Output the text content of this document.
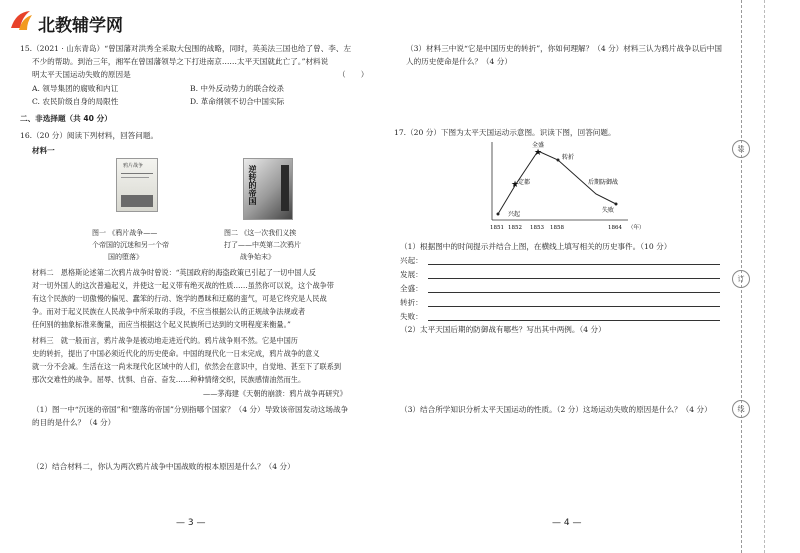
北教辅学网
15.（2021 · 山东青岛）“曾国藩对洪秀全采取大包围的战略，同时，英美法三国也给了曾、李、左
不少的帮助。到治三年，湘军在曾国藩领导之下打进南京……太平天国就此亡了。”材料说
明太平天国运动失败的原因是	（　　）
A. 领导集团的腐败和内讧	B. 中外反动势力的联合绞杀
C. 农民阶级自身的局限性	D. 革命纲领不切合中国实际
二、非选择题（共 40 分）
16.（20 分）阅读下列材料，回答问题。
材料一
鸦片战争	逆转的帝国
图一 《鸦片战争——
个帝国的沉迷和另一个帝
国的堕落》
图二 《这一次我们义挨
打了——中英第二次鸦片
战争始末》
材料二　恩格斯论述第二次鸦片战争时曾说：“英国政府的海盗政策已引起了一切中国人反
对一切外国人的这次普遍起义，并使这一起义带有绝灭战的性质……虽然你可以说，这个战争带
有这个民族的一切傲慢的偏见、蠢笨的行动、饱学的愚昧和迂腐的蛮气，可是它终究是人民战
争。而对于起义民族在人民战争中所采取的手段，不应当根据公认的正规战争法规或者
任何别的抽象标准来衡量，而应当根据这个起义民族所已达到的文明程度来衡量。”
材料三　就一般而言，鸦片战争是被动地走进近代的。鸦片战争则不然。它是中国历
史的转折，提出了中国必须近代化的历史使命。中国的现代化一日未完成，鸦片战争的意义
就一分不会减。生活在这一尚未现代化区域中的人们，依然会在意识中，自觉地、甚至下了联系到
那次交难性的战争。屈辱、忧惧、自奋、奋发……种种情绪交织，民族感情油然而生。
——茅海建《天朝的崩溃：鸦片战争再研究》
（1）图一中“沉迷的帝国”和“堕落的帝国”分别指哪个国家？（4 分）导致该帝国发动这场战争
的目的是什么？（4 分）
（2）结合材料二，你认为两次鸦片战争中国战败的根本原因是什么？（4 分）
— 3 —
（3）材料三中说“它是中国历史的转折”，你如何理解？（4 分）材料三认为鸦片战争以后中国
人的历史使命是什么？（4 分）
17.（20 分）下图为太平天国运动示意图。识读下图，回答问题。
★
★
兴起
定都
全盛
转折
后期防御战
失败
1851 1852 1853 1858	1864 （年）
（1）根据图中的时间提示并结合上图，在横线上填写相关的历史事件。（10 分）
兴起：
发展：
全盛：
转折：
失败：
（2）太平天国后期的防御战有哪些？写出其中两例。（4 分）
（3）结合所学知识分析太平天国运动的性质。（2 分）这场运动失败的原因是什么？（4 分）
— 4 —
装
订
线
